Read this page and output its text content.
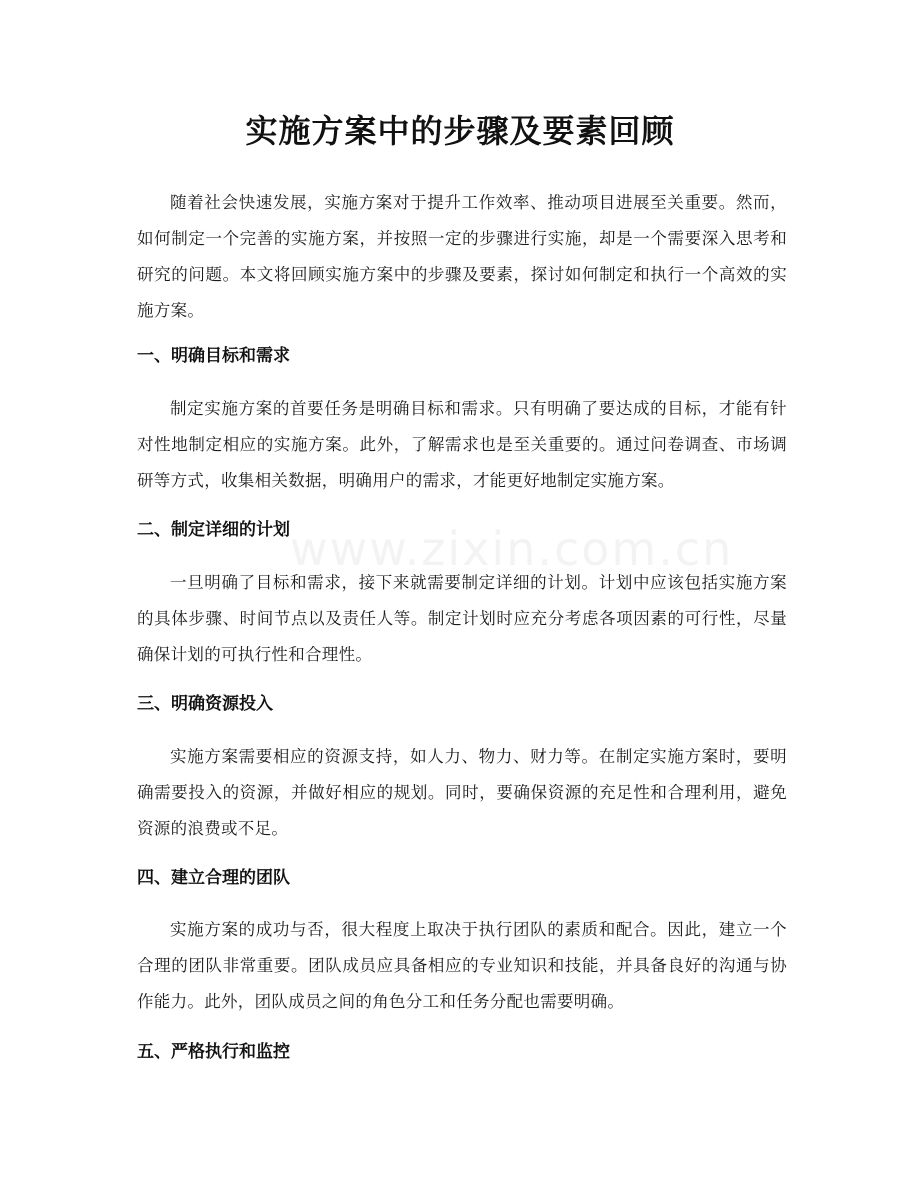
实施方案中的步骤及要素回顾

随着社会快速发展，实施方案对于提升工作效率、推动项目进展至关重要。然而，如何制定一个完善的实施方案，并按照一定的步骤进行实施，却是一个需要深入思考和研究的问题。本文将回顾实施方案中的步骤及要素，探讨如何制定和执行一个高效的实施方案。

一、明确目标和需求

制定实施方案的首要任务是明确目标和需求。只有明确了要达成的目标，才能有针对性地制定相应的实施方案。此外，了解需求也是至关重要的。通过问卷调查、市场调研等方式，收集相关数据，明确用户的需求，才能更好地制定实施方案。

二、制定详细的计划

一旦明确了目标和需求，接下来就需要制定详细的计划。计划中应该包括实施方案的具体步骤、时间节点以及责任人等。制定计划时应充分考虑各项因素的可行性，尽量确保计划的可执行性和合理性。

www.zixin.com.cn
三、明确资源投入

实施方案需要相应的资源支持，如人力、物力、财力等。在制定实施方案时，要明确需要投入的资源，并做好相应的规划。同时，要确保资源的充足性和合理利用，避免资源的浪费或不足。

四、建立合理的团队

实施方案的成功与否，很大程度上取决于执行团队的素质和配合。因此，建立一个合理的团队非常重要。团队成员应具备相应的专业知识和技能，并具备良好的沟通与协作能力。此外，团队成员之间的角色分工和任务分配也需要明确。

五、严格执行和监控
